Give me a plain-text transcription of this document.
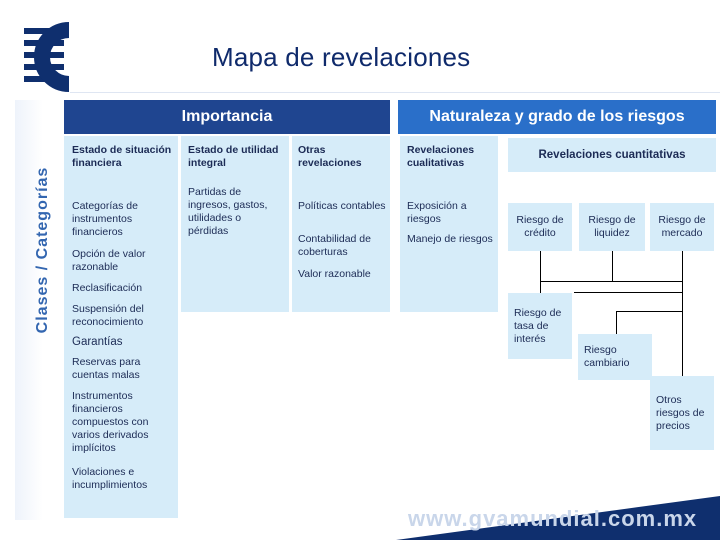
Mapa de revelaciones
Clases / Categorías
Importancia	Naturaleza y grado de los riesgos
Estado de situación financiera
Categorías de instrumentos financieros
Opción de valor razonable
Reclasificación
Suspensión del reconocimiento
Garantías
Reservas para cuentas malas
Instrumentos financieros compuestos con varios derivados implícitos
Violaciones e incumplimientos
Estado de utilidad integral
Partidas de ingresos, gastos, utilidades o pérdidas
Otras revelaciones
Políticas contables
Contabilidad de coberturas
Valor razonable
Revelaciones cualitativas
Exposición a riesgos
Manejo de riesgos
Revelaciones cuantitativas
Riesgo de crédito
Riesgo de liquidez
Riesgo de mercado
Riesgo de tasa de interés
Riesgo cambiario
Otros riesgos de precios
www.gvamundial.com.mx
